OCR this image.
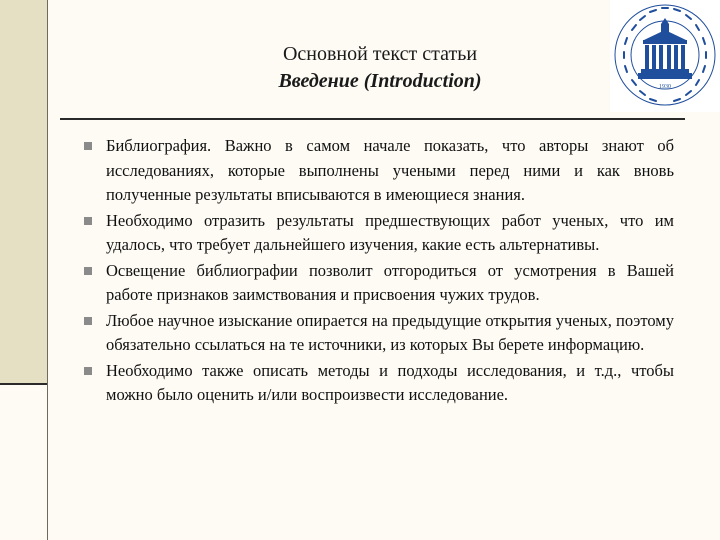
Основной текст статьи
Введение (Introduction)	1930
Библиография. Важно в самом начале показать, что авторы знают об исследованиях, которые выполнены учеными перед ними и как вновь полученные результаты вписываются в имеющиеся знания.
Необходимо отразить результаты предшествующих работ ученых, что им удалось, что требует дальнейшего изучения, какие есть альтернативы.
Освещение библиографии позволит отгородиться от усмотрения в Вашей работе признаков заимствования и присвоения чужих трудов.
Любое научное изыскание опирается на предыдущие открытия ученых, поэтому обязательно ссылаться на те источники, из которых Вы берете информацию.
Необходимо также описать методы и подходы исследования, и т.д., чтобы можно было оценить и/или воспроизвести исследование.
